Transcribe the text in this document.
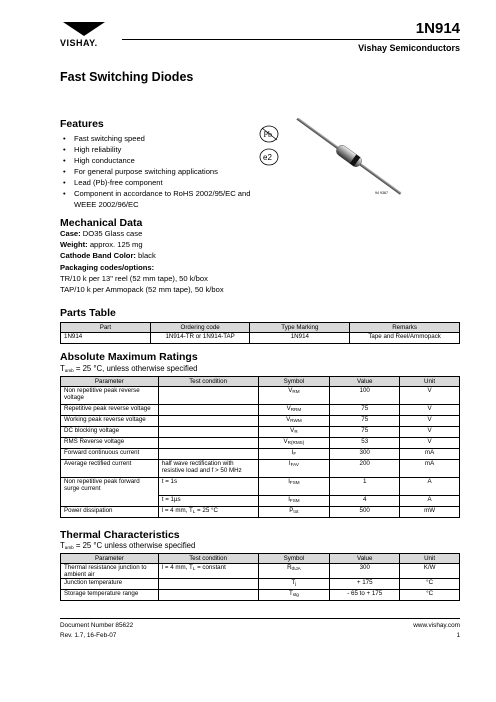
VISHAY.
1N914
Vishay Semiconductors
Fast Switching Diodes
Features
• Fast switching speed
• High reliability
• High conductance
• For general purpose switching applications
• Lead (Pb)-free component
• Component in accordance to RoHS 2002/95/EC and WEEE 2002/96/EC
Pb
e2
94 9367
Mechanical Data
Case: DO35 Glass case
Weight: approx. 125 mg
Cathode Band Color: black
Packaging codes/options:
TR/10 k per 13" reel (52 mm tape), 50 k/box
TAP/10 k per Ammopack (52 mm tape), 50 k/box
Parts Table
Part	Ordering code	Type Marking	Remarks
1N914	1N914-TR or 1N914-TAP	1N914	Tape and Reel/Ammopack
Absolute Maximum Ratings
$T_{amb} = 25$ °C, unless otherwise specified
Parameter	Test condition	Symbol	Value	Unit
Non repetitive peak reverse voltage		$V_{RM}$	100	V
Repetitive peak reverse voltage		$V_{RRM}$	75	V
Working peak reverse voltage		$V_{RWM}$	75	V
DC blocking voltage		$V_R$	75	V
RMS Reverse voltage		$V_{R(RMS)}$	53	V
Forward continuous current		$I_F$	300	mA
Average rectified current	half wave rectification with resistive load and f > 50 MHz	$I_{FAV}$	200	mA
Non repetitive peak forward surge current	t = 1s	$I_{FSM}$	1	A
	t = 1µs	$I_{FSM}$	4	A
Power dissipation	l = 4 mm, $T_L = 25$ °C	$P_{tot}$	500	mW
Thermal Characteristics
$T_{amb} = 25$ °C unless otherwise specified
Parameter	Test condition	Symbol	Value	Unit
Thermal resistance junction to ambient air	l = 4 mm, $T_L$ = constant	$R_{thJA}$	300	K/W
Junction temperature		$T_j$	+ 175	°C
Storage temperature range		$T_{stg}$	- 65 to + 175	°C
Document Number 85622
Rev. 1.7, 16-Feb-07
www.vishay.com
1
